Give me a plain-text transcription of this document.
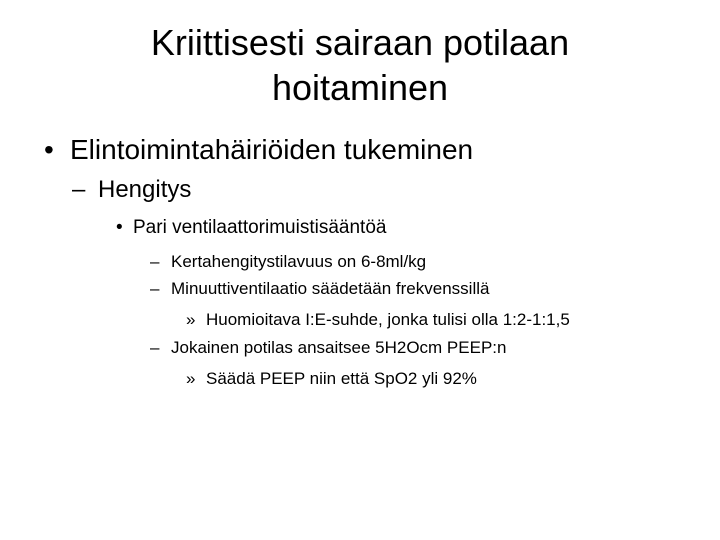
Kriittisesti sairaan potilaan
hoitaminen
• Elintoimintahäiriöiden tukeminen
– Hengitys
• Pari ventilaattorimuistisääntöä
– Kertahengitystilavuus on 6-8ml/kg
– Minuuttiventilaatio säädetään frekvenssillä
» Huomioitava I:E-suhde, jonka tulisi olla 1:2-1:1,5
– Jokainen potilas ansaitsee 5H2Ocm PEEP:n
» Säädä PEEP niin että SpO2 yli 92%
